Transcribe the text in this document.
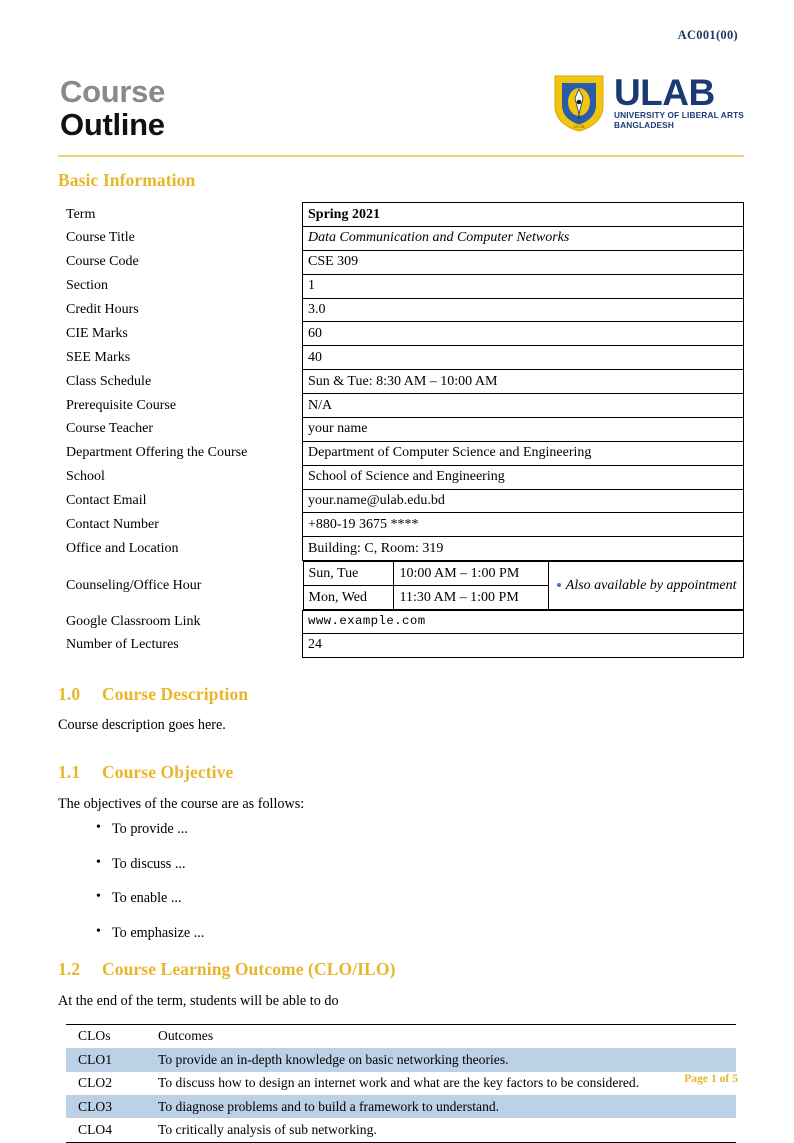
AC001(00)
Course
Outline	ULAB
ULAB
UNIVERSITY OF LIBERAL ARTS
BANGLADESH
Basic Information
Term	Spring 2021
Course Title	Data Communication and Computer Networks
Course Code	CSE 309
Section	1
Credit Hours	3.0
CIE Marks	60
SEE Marks	40
Class Schedule	Sun & Tue: 8:30 AM – 10:00 AM
Prerequisite Course	N/A
Course Teacher	your name
Department Offering the Course	Department of Computer Science and Engineering
School	School of Science and Engineering
Contact Email	your.name@ulab.edu.bd
Contact Number	+880-19 3675 ****
Office and Location	Building: C, Room: 319
Counseling/Office Hour	
Sun, Tue	10:00 AM – 1:00 PM	Also available by appointment
Mon, Wed	11:30 AM – 1:00 PM

Google Classroom Link	www.example.com
Number of Lectures	24
1.0 Course Description

Course description goes here.

1.1 Course Objective

The objectives of the course are as follows:

• To provide ...
• To discuss ...
• To enable ...
• To emphasize ...
1.2 Course Learning Outcome (CLO/ILO)

At the end of the term, students will be able to do

CLOs	Outcomes
CLO1	To provide an in-depth knowledge on basic networking theories.
CLO2	To discuss how to design an internet work and what are the key factors to be considered.
CLO3	To diagnose problems and to build a framework to understand.
CLO4	To critically analysis of sub networking.
Page 1 of 5
